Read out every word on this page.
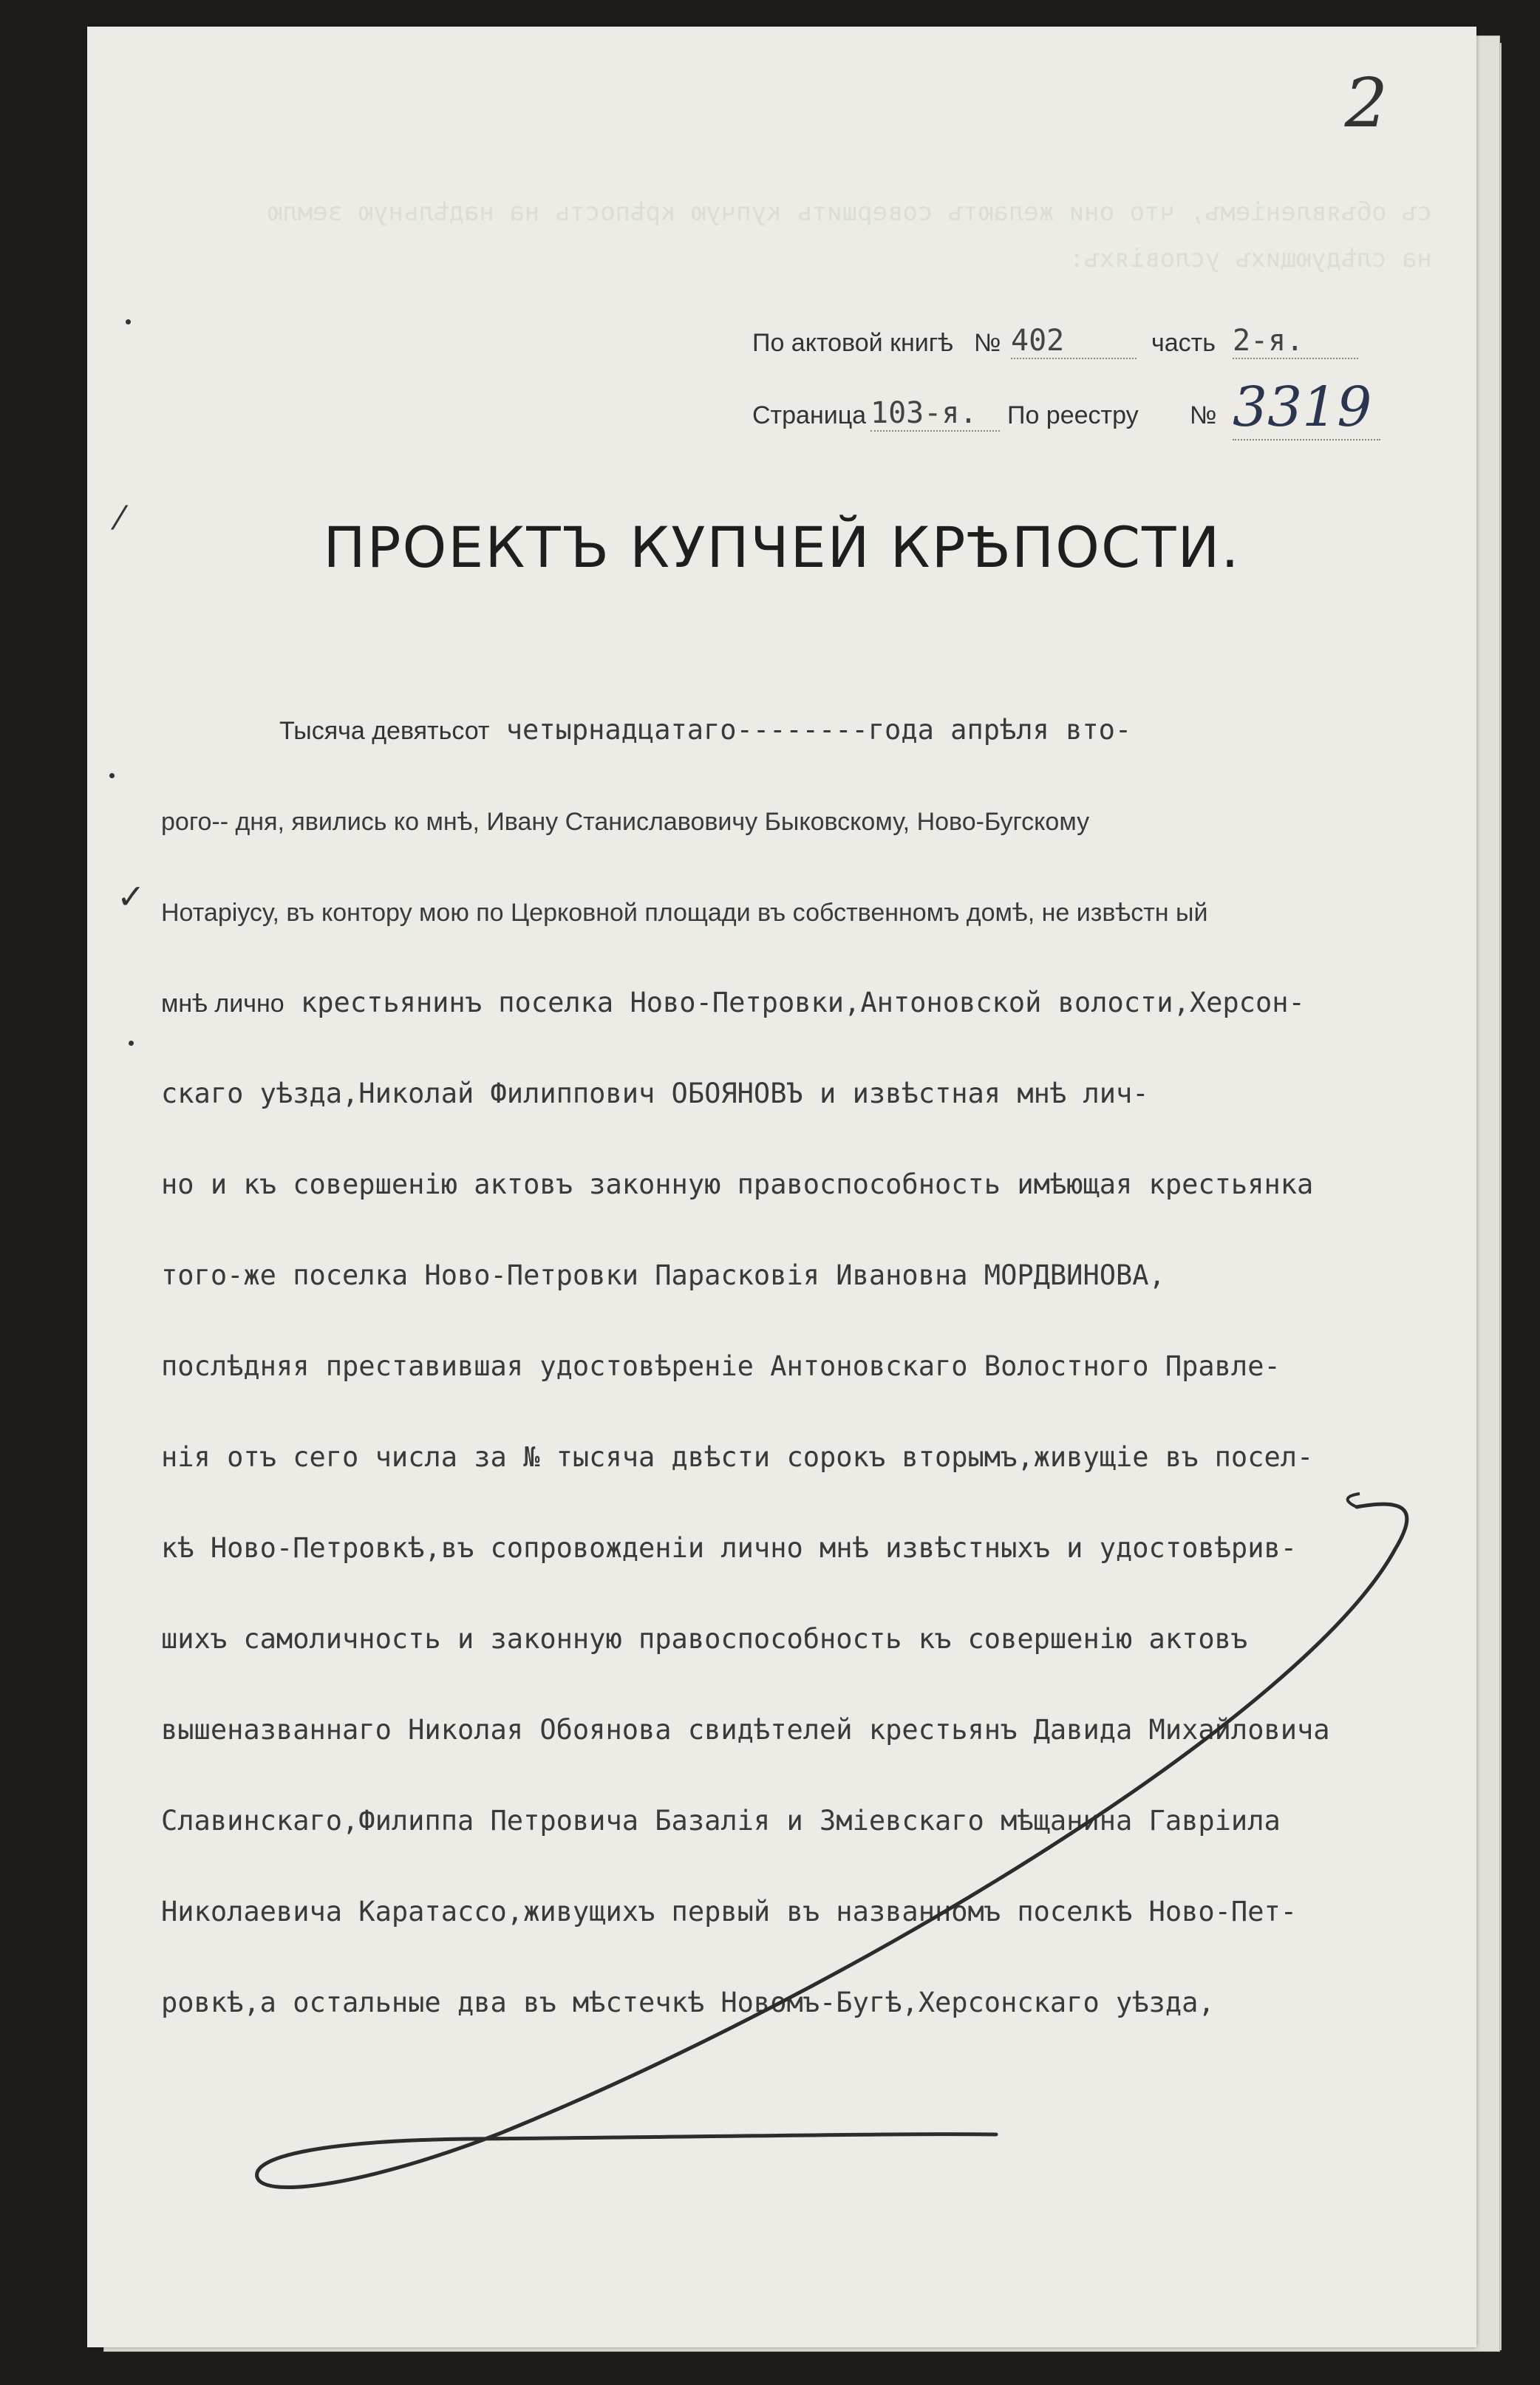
съ объявленіемъ, что они желаютъ совершить купчую крѣпость на надѣльную землю
на слѣдующихъ условіяхъ:
2
По актовой книгѣ № 402	часть 2-я.
Страница 103-я.	По реестру № 3319
ПРОЕКТЪ КУПЧЕЙ КРѢПОСТИ.
Тысяча девятьсот четырнадцатаго--------года апрѣля вто-
рого-- дня, явились ко мнѣ, Ивану Станиславовичу Быковскому, Ново-Бугскому
Нотаріусу, въ контору мою по Церковной площади въ собственномъ домѣ, не извѣстн ый
мнѣ лично крестьянинъ поселка Ново-Петровки,Антоновской волости,Херсон-
скаго уѣзда,Николай Филиппович ОБОЯНОВЪ и извѣстная мнѣ лич-
но и къ совершенію актовъ законную правоспособность имѣющая крестьянка
того-же поселка Ново-Петровки Парасковія Ивановна МОРДВИНОВА,
послѣдняя преставившая удостовѣреніе Антоновскаго Волостного Правле-
нія отъ сего числа за № тысяча двѣсти сорокъ вторымъ,живущіе въ посел-
кѣ Ново-Петровкѣ,въ сопровожденіи лично мнѣ извѣстныхъ и удостовѣрив-
шихъ самоличность и законную правоспособность къ совершенію актовъ
вышеназваннаго Николая Обоянова свидѣтелей крестьянъ Давида Михайловича
Славинскаго,Филиппа Петровича Базалія и Зміевскаго мѣщанина Гавріила
Николаевича Каратассо,живущихъ первый въ названномъ поселкѣ Ново-Пет-
ровкѣ,а остальные два въ мѣстечкѣ Новомъ-Бугѣ,Херсонскаго уѣзда,
⁄
✓
